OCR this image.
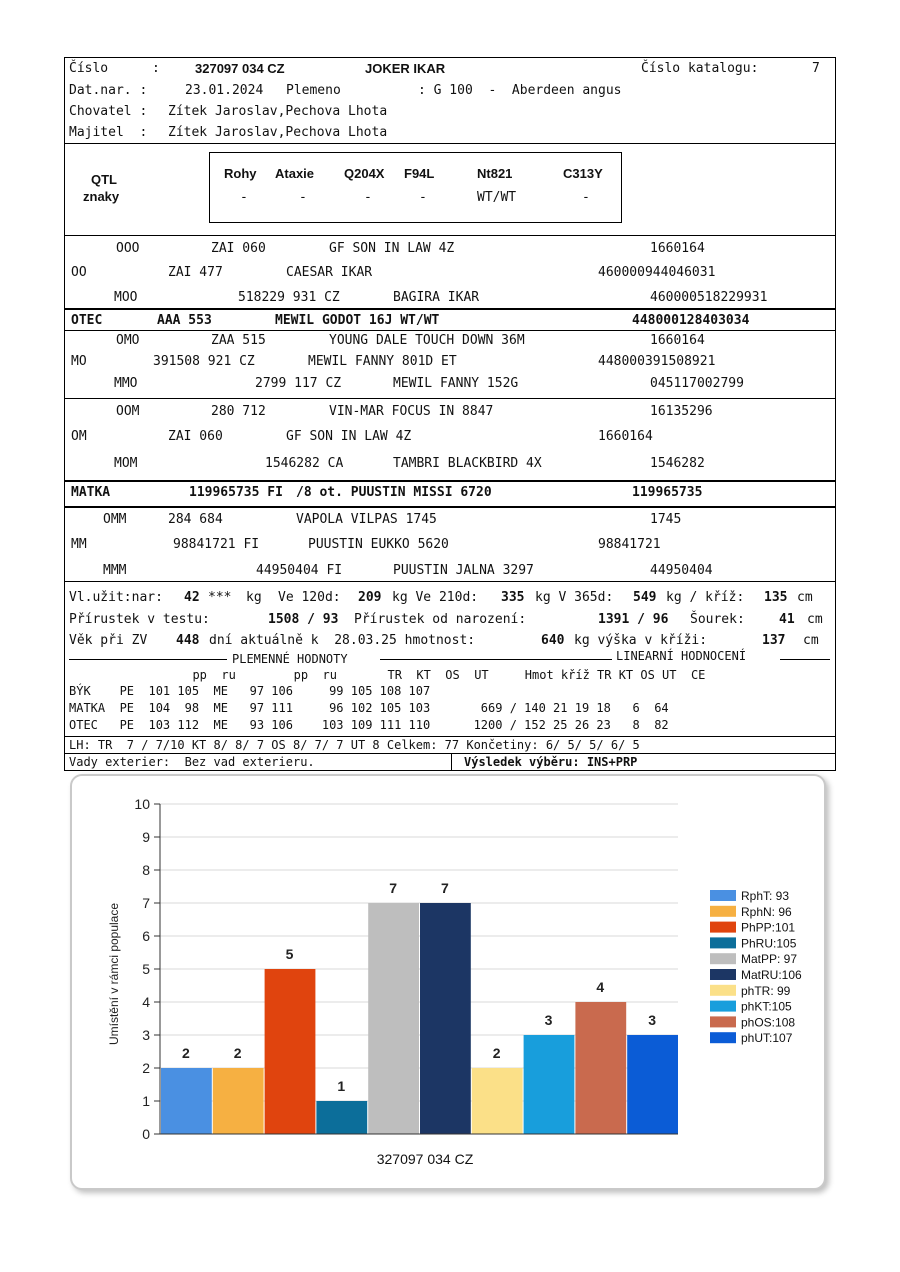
Číslo	:	327097 034 CZ	JOKER IKAR	Číslo katalogu:	7
Dat.nar. :	23.01.2024 Plemeno	: G 100  -  Aberdeen angus
Chovatel : Zítek Jaroslav,Pechova Lhota
Majitel  : Zítek Jaroslav,Pechova Lhota
QTL
znaky
Rohy Ataxie Q204X F94L	Nt821	C313Y
-	-	-	-	WT/WT	-
OOO	ZAI 060	GF SON IN LAW 4Z	1660164
OO	ZAI 477	CAESAR IKAR	460000944046031
MOO	518229 931 CZ	BAGIRA IKAR	460000518229931
OTEC	AAA 553	MEWIL GODOT 16J WT/WT	448000128403034
OMO	ZAA 515	YOUNG DALE TOUCH DOWN 36M	1660164
MO	391508 921 CZ	MEWIL FANNY 801D ET	448000391508921
MMO	2799 117 CZ	MEWIL FANNY 152G	045117002799
OOM	280 712	VIN-MAR FOCUS IN 8847	16135296
OM	ZAI 060	GF SON IN LAW 4Z	1660164
MOM	1546282 CA	TAMBRI BLACKBIRD 4X	1546282
MATKA	119965735 FI /8 ot. PUUSTIN MISSI 6720	119965735
OMM	284 684	VAPOLA VILPAS 1745	1745
MM	98841721 FI	PUUSTIN EUKKO 5620	98841721
MMM	44950404 FI	PUUSTIN JALNA 3297	44950404
Vl.užit:nar: 42 *** kg Ve 120d: 209 kg Ve 210d: 335 kg V 365d: 549 kg / kříž: 135 cm
Přírustek v testu:	1508 / 93 Přírustek od narození:	1391 / 96 Šourek:	41 cm
Věk při ZV 448 dní aktuálně k  28.03.25 hmotnost:	640 kg výška v kříži:	137 cm
PLEMENNÉ HODNOTY	LINEARNÍ HODNOCENÍ
pp  ru        pp  ru       TR  KT  OS  UT     Hmot kříž TR KT OS UT  CE
BÝK    PE  101 105  ME   97 106     99 105 108 107
MATKA  PE  104  98  ME   97 111     96 102 105 103       669 / 140 21 19 18   6  64
OTEC   PE  103 112  ME   93 106    103 109 111 110      1200 / 152 25 26 23   8  82
LH: TR  7 / 7/10 KT 8/ 8/ 7 OS 8/ 7/ 7 UT 8 Celkem: 77 Končetiny: 6/ 5/ 5/ 6/ 5
Vady exterier:  Bez vad exterieru.	Výsledek výběru: INS+PRP
0
1
2
3
4
5
6
7
8
9
10
2	2
5
1
7	7
2
3
4
3
327097 034 CZ
Umístění v rámci populace
RphT: 93
RphN: 96
PhPP:101
PhRU:105
MatPP: 97
MatRU:106
phTR: 99
phKT:105
phOS:108
phUT:107
